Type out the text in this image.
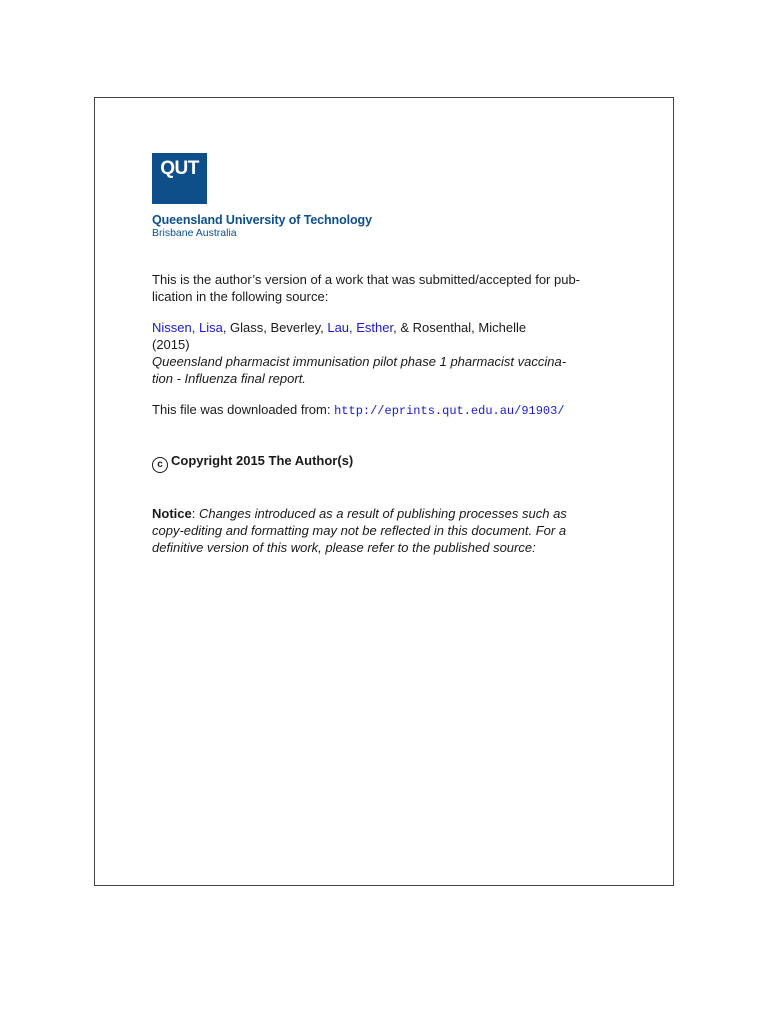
QUT
Queensland University of Technology
Brisbane Australia

This is the author’s version of a work that was submitted/accepted for pub-
lication in the following source:

Nissen, Lisa, Glass, Beverley, Lau, Esther, & Rosenthal, Michelle
(2015)
Queensland pharmacist immunisation pilot phase 1 pharmacist vaccina-
tion - Influenza final report.

This file was downloaded from: http://eprints.qut.edu.au/91903/

c Copyright 2015 The Author(s)

Notice: Changes introduced as a result of publishing processes such as
copy-editing and formatting may not be reflected in this document. For a
definitive version of this work, please refer to the published source:
